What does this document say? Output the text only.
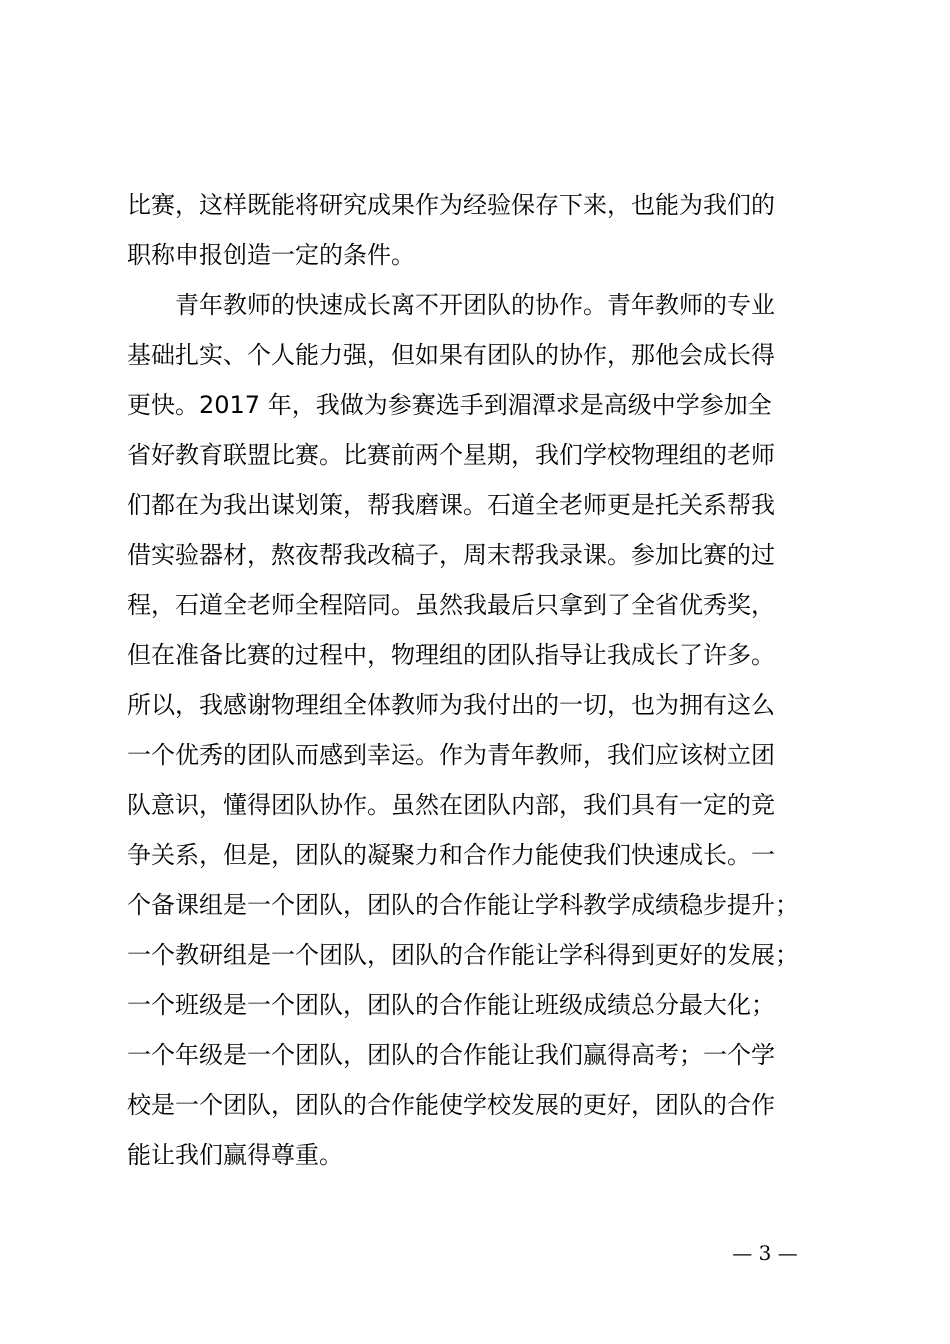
比赛，这样既能将研究成果作为经验保存下来，也能为我们的
职称申报创造一定的条件。
青年教师的快速成长离不开团队的协作。青年教师的专业
基础扎实、个人能力强，但如果有团队的协作，那他会成长得
更快。2017 年，我做为参赛选手到湄潭求是高级中学参加全
省好教育联盟比赛。比赛前两个星期，我们学校物理组的老师
们都在为我出谋划策，帮我磨课。石道全老师更是托关系帮我
借实验器材，熬夜帮我改稿子，周末帮我录课。参加比赛的过
程，石道全老师全程陪同。虽然我最后只拿到了全省优秀奖，
但在准备比赛的过程中，物理组的团队指导让我成长了许多。
所以，我感谢物理组全体教师为我付出的一切，也为拥有这么
一个优秀的团队而感到幸运。作为青年教师，我们应该树立团
队意识，懂得团队协作。虽然在团队内部，我们具有一定的竞
争关系，但是，团队的凝聚力和合作力能使我们快速成长。一
个备课组是一个团队，团队的合作能让学科教学成绩稳步提升；
一个教研组是一个团队，团队的合作能让学科得到更好的发展；
一个班级是一个团队，团队的合作能让班级成绩总分最大化；
一个年级是一个团队，团队的合作能让我们赢得高考；一个学
校是一个团队，团队的合作能使学校发展的更好，团队的合作
能让我们赢得尊重。
— 3 —
